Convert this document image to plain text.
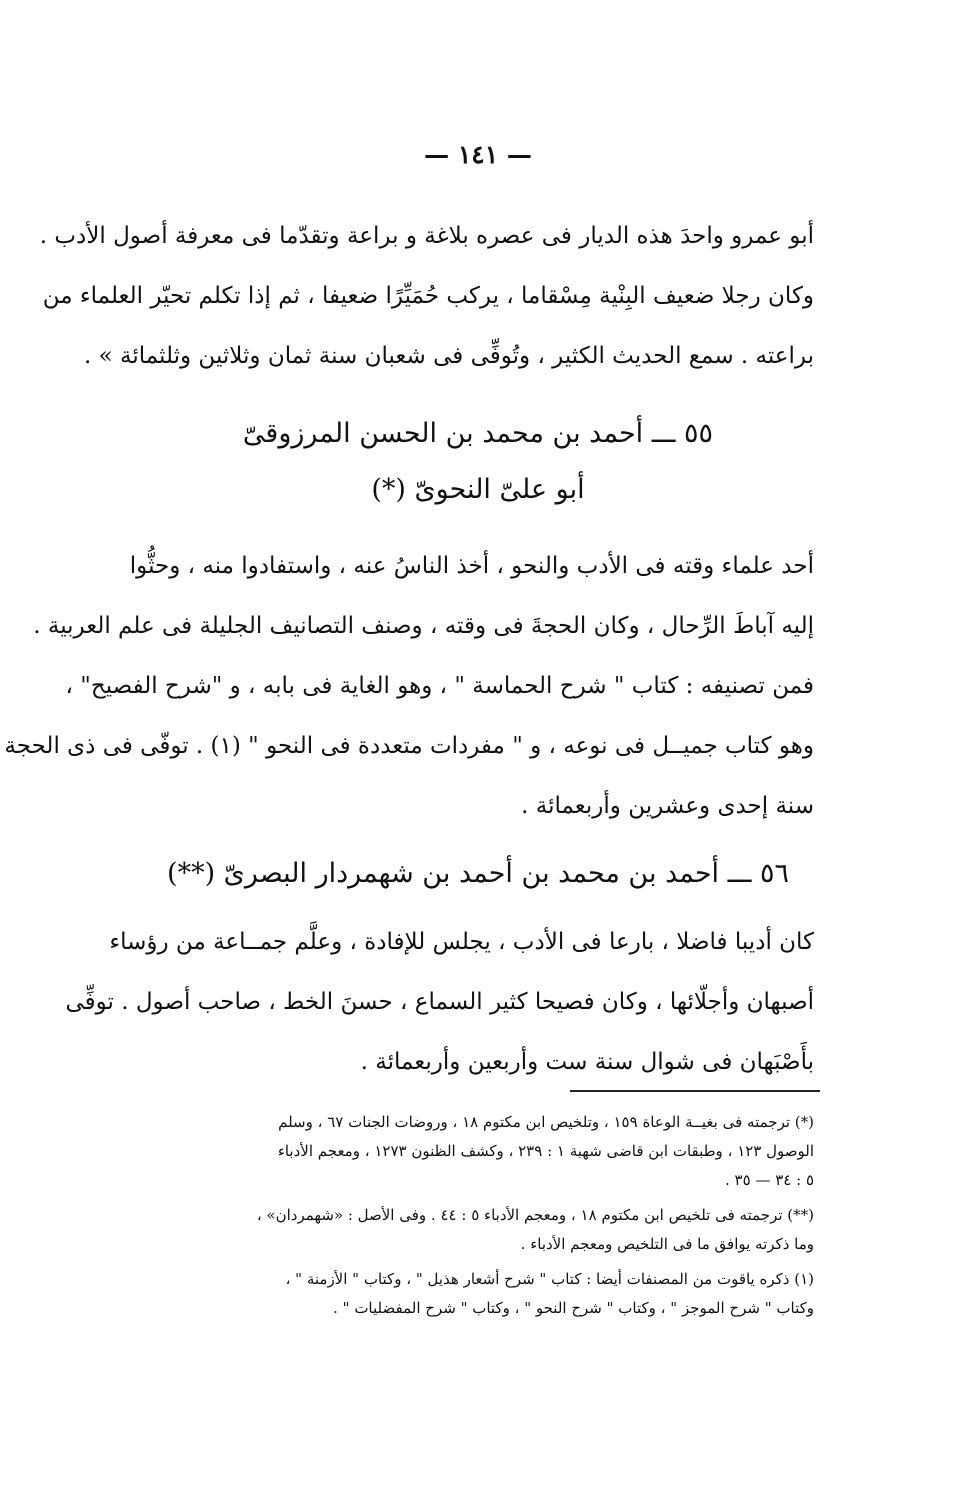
— ١٤١ —
أبو عمرو واحدَ هذه الديار فى عصره بلاغة و براعة وتقدّما فى معرفة أصول الأدب .
وكان رجلا ضعيف البِنْية مِسْقاما ، يركب حُمَيِّرًا ضعيفا ، ثم إذا تكلم تحيّر العلماء من
براعته . سمع الحديث الكثير ، وتُوفِّى فى شعبان سنة ثمان وثلاثين وثلثمائة » .
٥٥ ـــ أحمد بن محمد بن الحسن المرزوقىّ
أبو علىّ النحوىّ (*)
أحد علماء وقته فى الأدب والنحو ، أخذ الناسُ عنه ، واستفادوا منه ، وحثُّوا
إليه آباطَ الرِّحال ، وكان الحجةَ فى وقته ، وصنف التصانيف الجليلة فى علم العربية .
فمن تصنيفه : كتاب " شرح الحماسة " ، وهو الغاية فى بابه ، و "شرح الفصيح" ،
وهو كتاب جميــل فى نوعه ، و " مفردات متعددة فى النحو " (١) . توفّى فى ذى الحجة
سنة إحدى وعشرين وأربعمائة .
٥٦ ـــ أحمد بن محمد بن أحمد بن شهمردار البصرىّ (**)
كان أديبا فاضلا ، بارعا فى الأدب ، يجلس للإفادة ، وعلَّم جمــاعة من رؤساء
أصبهان وأجلّائها ، وكان فصيحا كثير السماع ، حسنَ الخط ، صاحب أصول . توفِّى
بأَصْبَهان فى شوال سنة ست وأربعين وأربعمائة .
(*) ترجمته فى بغيــة الوعاة ١٥٩ ، وتلخيص ابن مكتوم ١٨ ، وروضات الجنات ٦٧ ، وسلم
الوصول ١٢٣ ، وطبقات ابن قاضى شهبة ١ : ٢٣٩ ، وكشف الظنون ١٢٧٣ ، ومعجم الأدباء
٥ : ٣٤ — ٣٥ .
(**) ترجمته فى تلخيص ابن مكتوم ١٨ ، ومعجم الأدباء ٥ : ٤٤ . وفى الأصل : «شهمردان» ،
وما ذكرته يوافق ما فى التلخيص ومعجم الأدباء .
(١) ذكره ياقوت من المصنفات أيضا : كتاب " شرح أشعار هذيل " ، وكتاب " الأزمنة " ،
وكتاب " شرح الموجز " ، وكتاب " شرح النحو " ، وكتاب " شرح المفضليات " .
